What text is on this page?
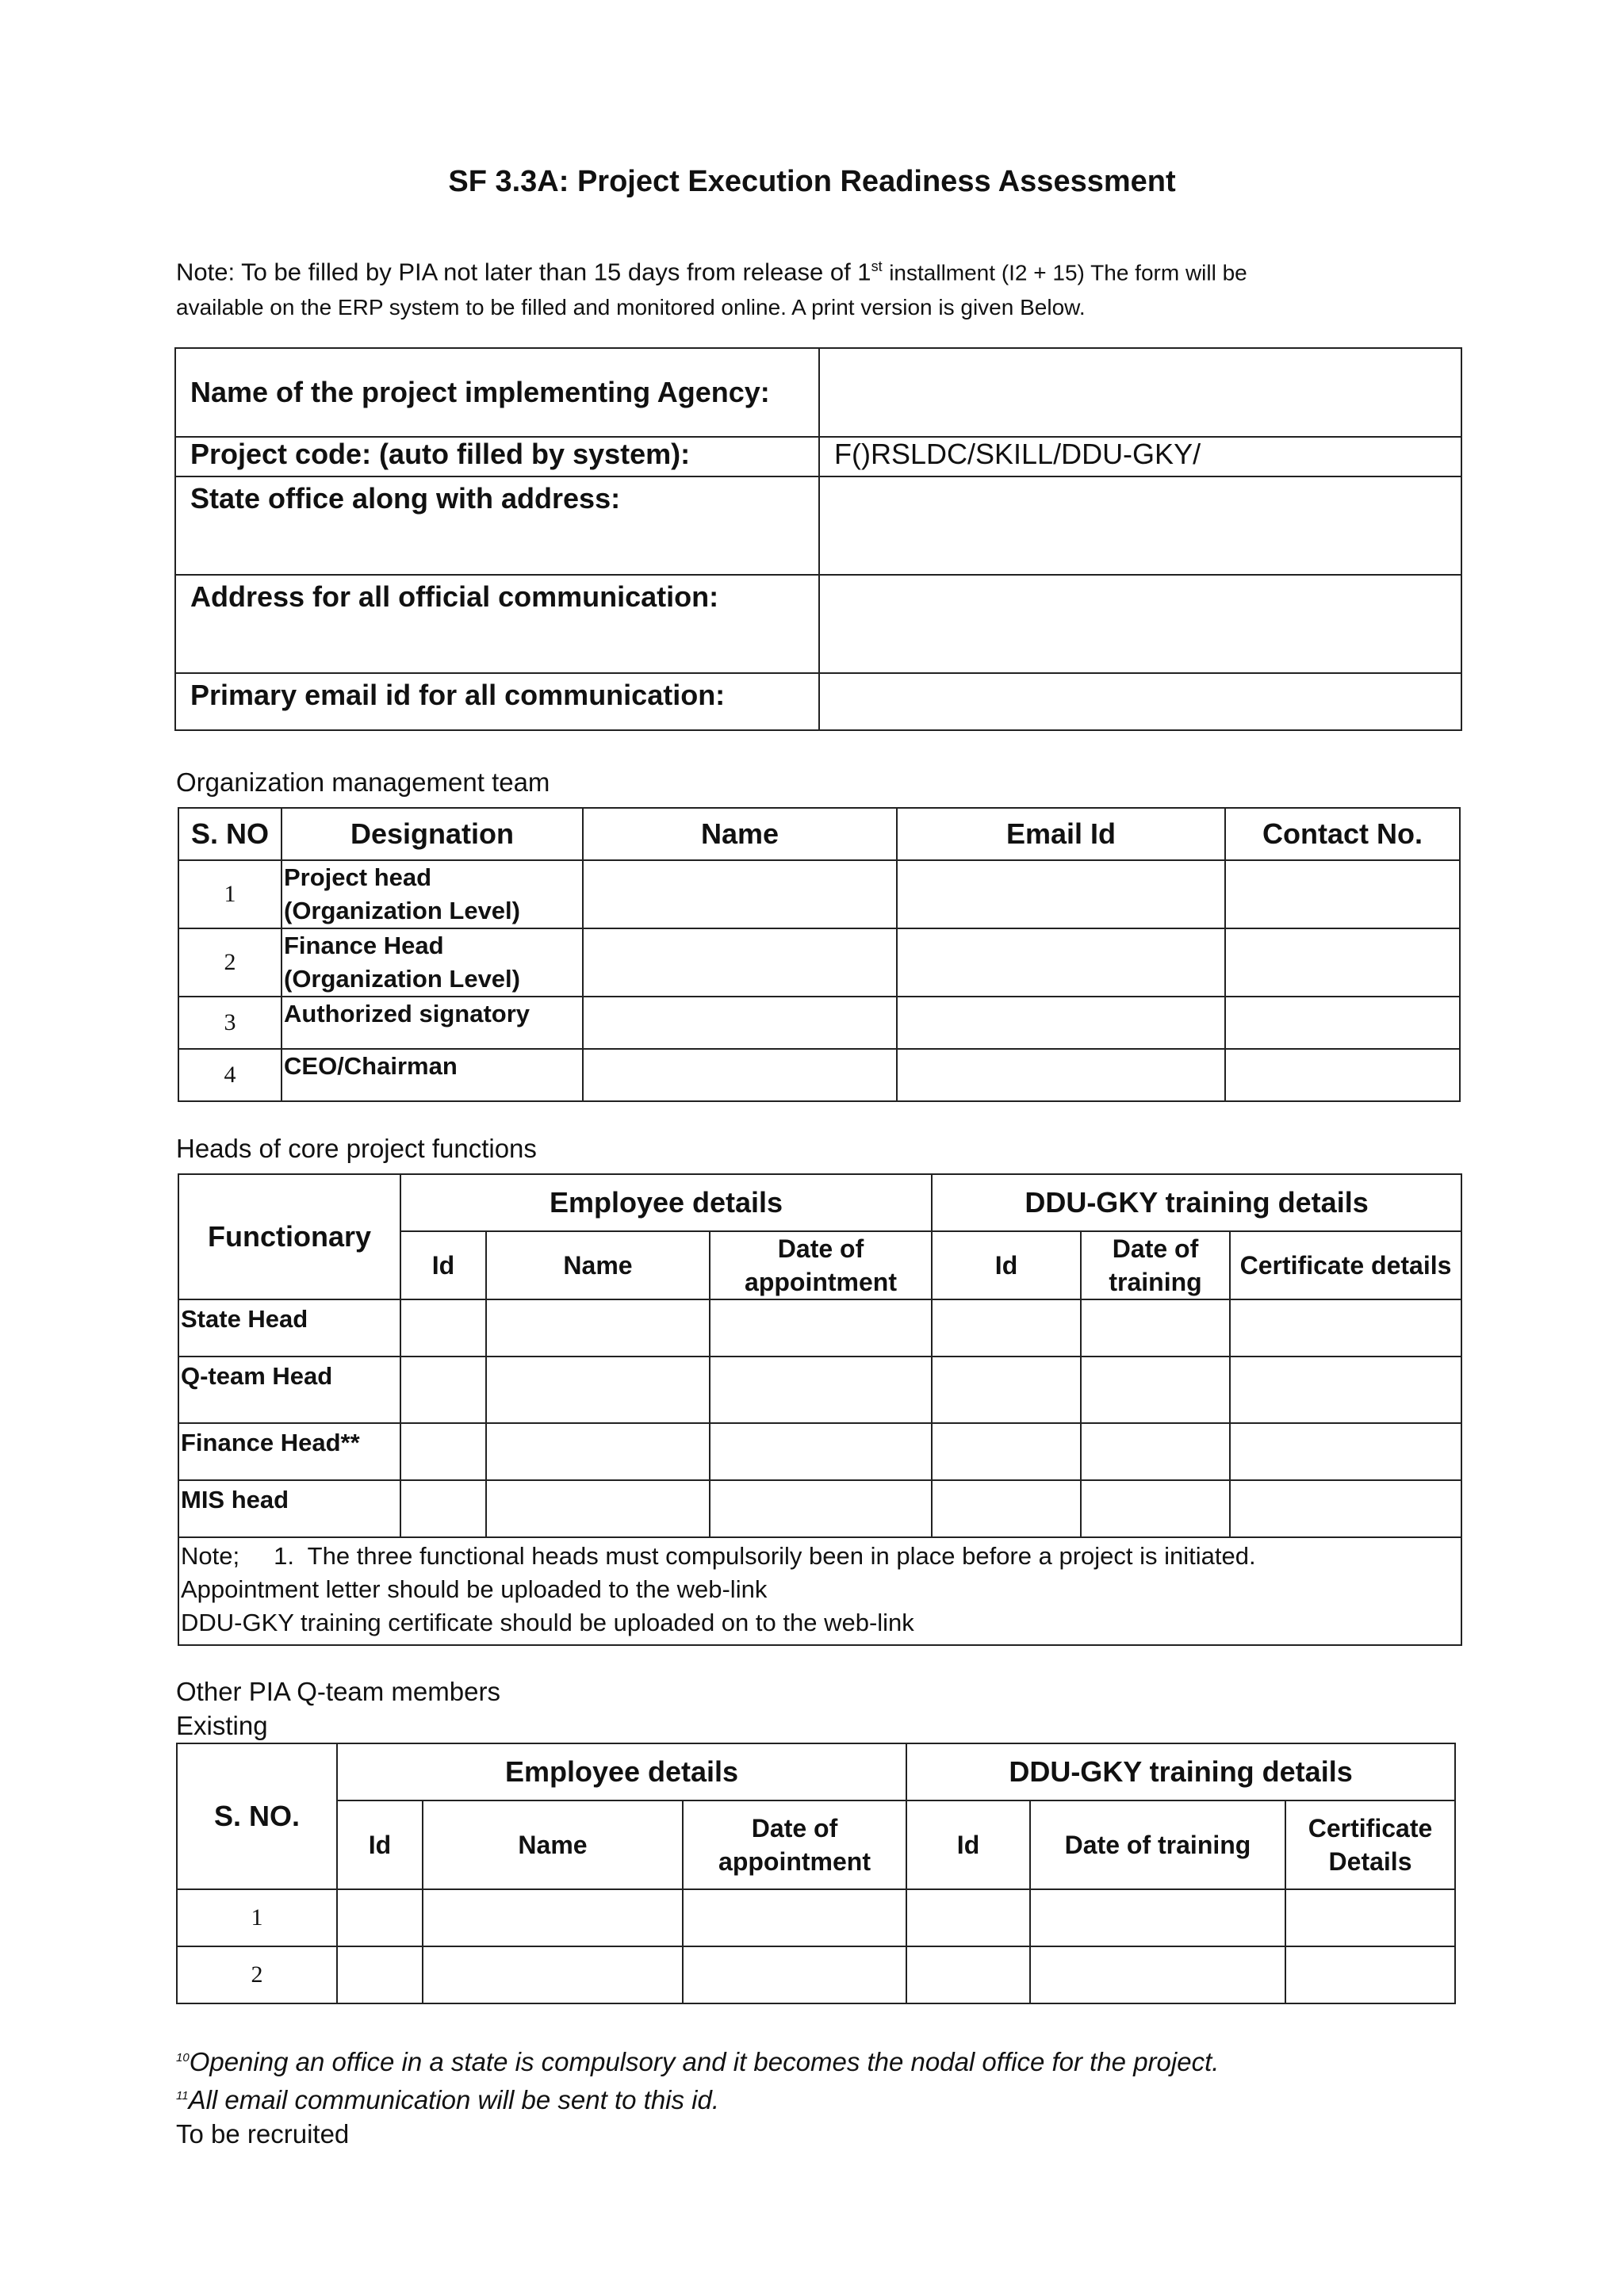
SF 3.3A: Project Execution Readiness Assessment
Note: To be filled by PIA not later than 15 days from release of 1st installment (I2 + 15) The form will be
available on the ERP system to be filled and monitored online. A print version is given Below.
Name of the project implementing Agency:	
Project code: (auto filled by system):	F()RSLDC/SKILL/DDU-GKY/
State office along with address:	
Address for all official communication:	
Primary email id for all communication:	
Organization management team
S. NO	Designation	Name	Email Id	Contact No.
1	Project head
(Organization Level)			

2	Finance Head
(Organization Level)			

3	Authorized signatory			
4	CEO/Chairman			
Heads of core project functions
Functionary	Employee details			DDU-GKY training details		
	Id	Name	Date of appointment	Id	Date of training	Certificate details
State Head						
Q-team Head						
Finance Head**						
MIS head						

Note;     1.  The three functional heads must compulsorily been in place before a project is initiated.
Appointment letter should be uploaded to the web-link
DDU-GKY training certificate should be uploaded on to the web-link						
Other PIA Q-team members
Existing
S. NO.	Employee details			DDU-GKY training details		
	Id	Name	Date of appointment	Id	Date of training	Certificate Details
1						
2						
$^{10}$Opening an office in a state is compulsory and it becomes the nodal office for the project.
$^{11}$All email communication will be sent to this id.
To be recruited
